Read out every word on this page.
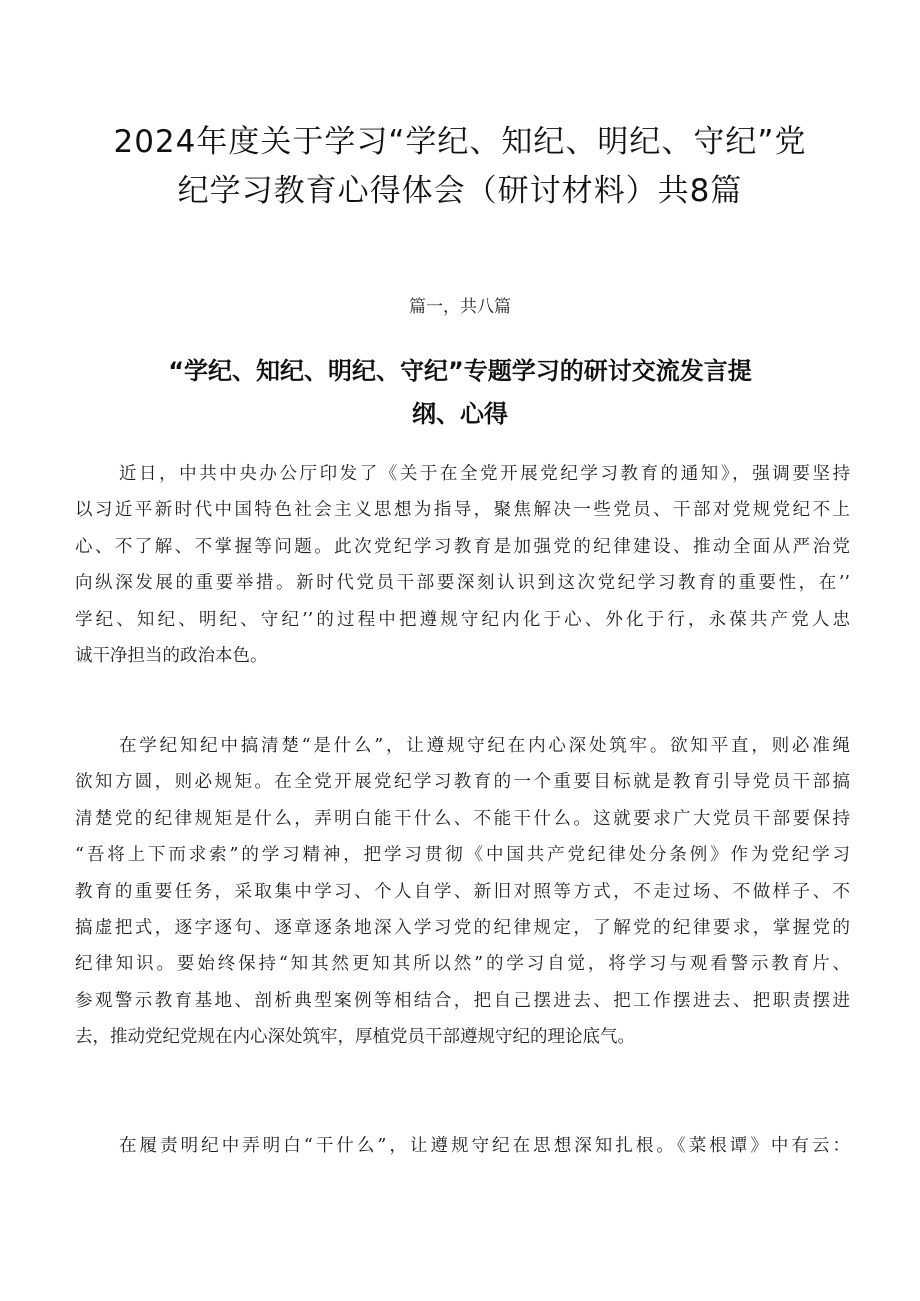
2024年度关于学习“学纪、知纪、明纪、守纪”党
纪学习教育心得体会（研讨材料）共8篇
篇一，共八篇
“学纪、知纪、明纪、守纪”专题学习的研讨交流发言提
纲、心得
近日，中共中央办公厅印发了《关于在全党开展党纪学习教育的通知》，强调要坚持
以习近平新时代中国特色社会主义思想为指导，聚焦解决一些党员、干部对党规党纪不上
心、不了解、不掌握等问题。此次党纪学习教育是加强党的纪律建设、推动全面从严治党
向纵深发展的重要举措。新时代党员干部要深刻认识到这次党纪学习教育的重要性，在’’
学纪、知纪、明纪、守纪’’的过程中把遵规守纪内化于心、外化于行，永葆共产党人忠
诚干净担当的政治本色。
在学纪知纪中搞清楚“是什么”，让遵规守纪在内心深处筑牢。欲知平直，则必准绳
欲知方圆，则必规矩。在全党开展党纪学习教育的一个重要目标就是教育引导党员干部搞
清楚党的纪律规矩是什么，弄明白能干什么、不能干什么。这就要求广大党员干部要保持
“吾将上下而求索”的学习精神，把学习贯彻《中国共产党纪律处分条例》作为党纪学习
教育的重要任务，采取集中学习、个人自学、新旧对照等方式，不走过场、不做样子、不
搞虚把式，逐字逐句、逐章逐条地深入学习党的纪律规定，了解党的纪律要求，掌握党的
纪律知识。要始终保持“知其然更知其所以然”的学习自觉，将学习与观看警示教育片、
参观警示教育基地、剖析典型案例等相结合，把自己摆进去、把工作摆进去、把职责摆进
去，推动党纪党规在内心深处筑牢，厚植党员干部遵规守纪的理论底气。
在履责明纪中弄明白“干什么”，让遵规守纪在思想深知扎根。《菜根谭》中有云：
